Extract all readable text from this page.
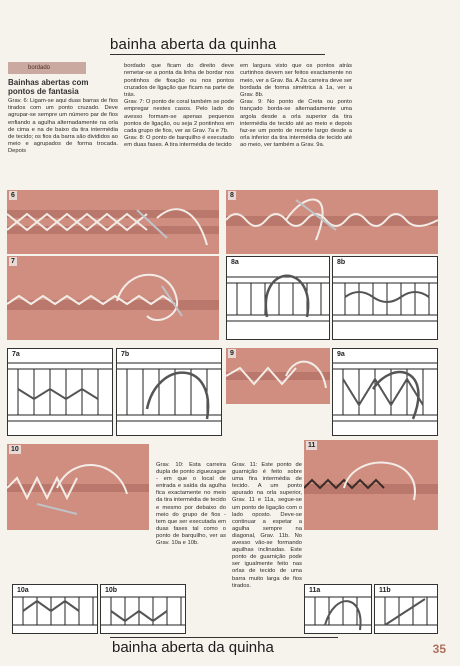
bainha aberta da quinha
bordado
Bainhas abertas com pontos de fantasia

Grav. 6: Ligam-se aqui duas barras de fios tirados com um ponto cruzado. Deve agrupar-se sempre um número par de fios enfiando a agulha alternadamente na orla de cima e na de baixo da tira intermédia de tecido; os fios da barra são divididos ao meio e agrupados de forma trocada. Depois

bordado que ficam do direito deve remetar-se a ponta da linha de bordar nos pontinhos de fixação ou nos pontos cruzados de ligação que ficam na parte de trás.
Grav. 7: O ponto de coral também se pode empregar nestes casos. Pelo lado do avesso formam-se apenas pequenos pontos de ligação, ou seja 2 pontinhos em cada grupo de fios, ver as Grav. 7a e 7b.
Grav. 8: O ponto de barquilho é executado em duas fases. A tira intermédia de tecido

em largura visto que os pontos atrás curtinhos devem ser feitos exactamente no meio, ver a Grav. 8a. A 2a carreira deve ser bordada de forma simétrica à 1a, ver a Grav. 8b.
Grav. 9: No ponto de Creta ou ponto trançado borda-se alternadamente uma argola desde a orla superior da tira intermédia de tecido até ao meio e depois faz-se um ponto de recorte largo desde a orla inferior da tira intermédia de tecido até ao meio, ver também a Grav. 9a.

6	8
7	8a	8b
7a	7b	9	9a
10
11
Grav. 10: Esta carreira dupla de ponto ziguezague - em que o local de entrada e saída da agulha fica exactamente no meio da tira intermédia de tecido e mesmo por debaixo do meio do grupo de fios - tem que ser executada em duas fases tal como o ponto de barquilho, ver as Grav. 10a e 10b.
Grav. 11: Este ponto de guarnição é feito sobre uma fira intermédia de tecido. A um ponto apurado na orla superior, Grav. 11 e 11a, segue-se um ponto de ligação com o lado oposto. Deve-se continuar a espetar a agulha sempre na diagonal, Grav. 11b. No avesso vão-se formando aquilhas inclinadas. Este ponto de guarnição pode ser igualmente feito nas orlas de tecido de uma barra muito larga de fios tirados.
10a	10b	11a	11b
bainha aberta da quinha	35
